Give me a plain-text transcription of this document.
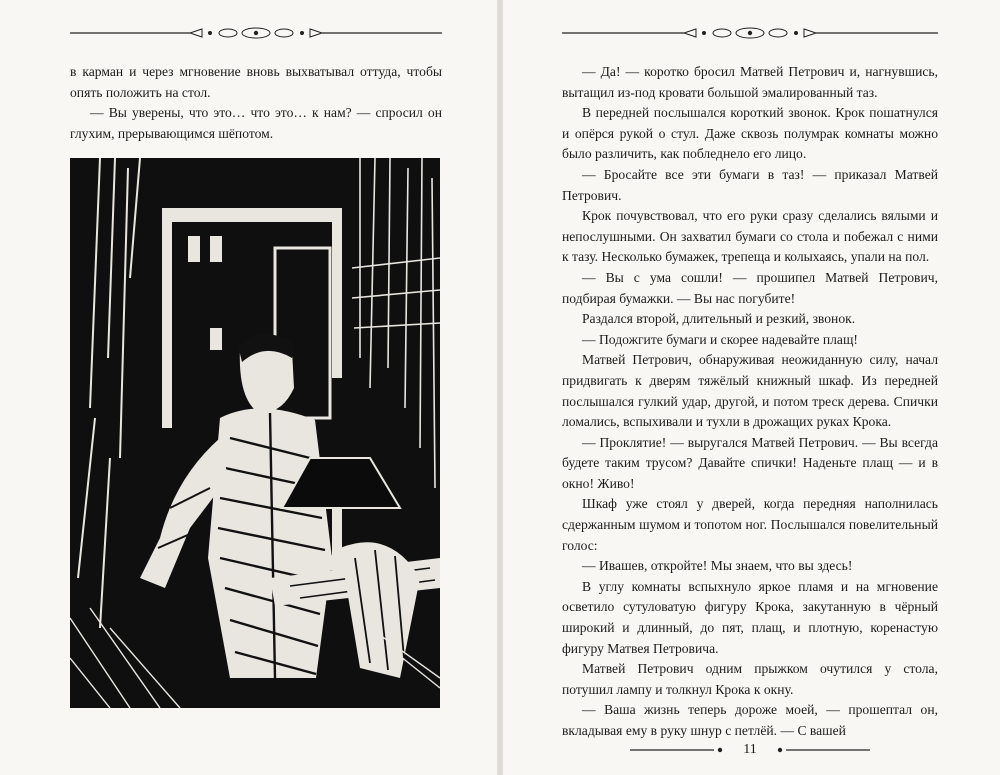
в карман и через мгновение вновь выхватывал оттуда, чтобы опять положить на стол.

— Вы уверены, что это… что это… к нам? — спросил он глухим, прерывающимся шёпотом.

— Да! — коротко бросил Матвей Петрович и, нагнувшись, вытащил из-под кровати большой эмалированный таз.

В передней послышался короткий звонок. Крок пошатнулся и опёрся рукой о стул. Даже сквозь полумрак комнаты можно было различить, как побледнело его лицо.

— Бросайте все эти бумаги в таз! — приказал Матвей Петрович.

Крок почувствовал, что его руки сразу сделались вялыми и непослушными. Он захватил бумаги со стола и побежал с ними к тазу. Несколько бумажек, трепеща и колыхаясь, упали на пол.

— Вы с ума сошли! — прошипел Матвей Петрович, подбирая бумажки. — Вы нас погубите!

Раздался второй, длительный и резкий, звонок.

— Подожгите бумаги и скорее надевайте плащ!

Матвей Петрович, обнаруживая неожиданную силу, начал придвигать к дверям тяжёлый книжный шкаф. Из передней послышался гулкий удар, другой, и потом треск дерева. Спички ломались, вспыхивали и тухли в дрожащих руках Крока.

— Проклятие! — выругался Матвей Петрович. — Вы всегда будете таким трусом? Давайте спички! Наденьте плащ — и в окно! Живо!

Шкаф уже стоял у дверей, когда передняя наполнилась сдержанным шумом и топотом ног. Послышался повелительный голос:

— Ивашев, откройте! Мы знаем, что вы здесь!

В углу комнаты вспыхнуло яркое пламя и на мгновение осветило сутуловатую фигуру Крока, закутанную в чёрный широкий и длинный, до пят, плащ, и плотную, коренастую фигуру Матвея Петровича.

Матвей Петрович одним прыжком очутился у стола, потушил лампу и толкнул Крока к окну.

— Ваша жизнь теперь дороже моей, — прошептал он, вкладывая ему в руку шнур с петлёй. — С вашей

11
